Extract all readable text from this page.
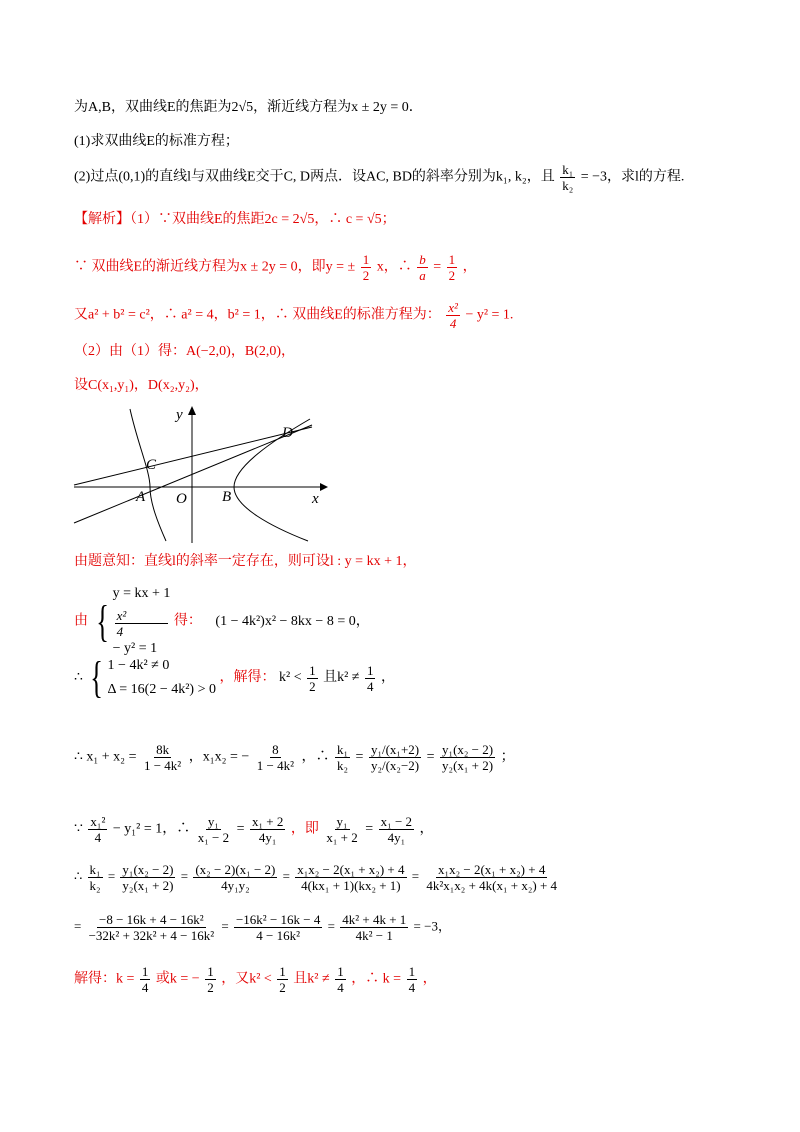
为A,B，双曲线E的焦距为2√5，渐近线方程为x ± 2y = 0．
(1)求双曲线E的标准方程；
(2)过点(0,1)的直线l与双曲线E交于C, D两点．设AC, BD的斜率分别为k₁, k₂，且 $\frac{\text{k₁}}{\text{k₂}} = -3$，求l的方程.
【解析】（1）∵双曲线E的焦距2c = 2√5，∴ c = √5；
∵ 双曲线E的渐近线方程为x ± 2y = 0，即y = ± $\frac{1}{2}$ x，∴ $\frac{b}{a} = \frac{1}{2}$ ，
又a² + b² = c²，∴ a² = 4，b² = 1，∴ 双曲线E的标准方程为： $\frac{\text{x²}}{4} - y^2 = 1$.
（2）由（1）得：A(−2,0)，B(2,0)，
设C(x₁,y₁)，D(x₂,y₂)，
y
x
O
A	B
C
D
由题意知：直线l的斜率一定存在，则可设l : y = kx + 1，
由 {
y = kx + 1
x²
4
− y² = 1
得： (1 − 4k²)x² − 8kx − 8 = 0，
∴ { 1 − 4k² ≠ 0
Δ = 16(2 − 4k²) > 0
，解得： $k^2 < \frac{1}{2}$ 且$k^2 \ne \frac{1}{4}$ ，
∴ $x_1 + x_2 = \frac{8k}{\text{1 − 4k²}}$ ，x₁x₂ = − $\frac{8}{\text{1 − 4k²}}$ ，∴ $\frac{\text{k₁}}{\text{k₂}} = \frac{\text{y₁/(x₁+2)}}{\text{y₂/(x₂−2)}} = \frac{\text{y₁(x₂ − 2)}}{\text{y₂(x₁ + 2)}}$ ；
∵ $\frac{\text{x₁²}}{4} - y_1^2 = 1$，∴ $\frac{\text{y₁}}{\text{x₁ − 2}} = \frac{\text{x₁ + 2}}{\text{4y₁}}$ ，即 $\frac{\text{y₁}}{\text{x₁ + 2}} = \frac{\text{x₁ − 2}}{\text{4y₁}}$ ，
∴ $\frac{\text{k₁}}{\text{k₂}} = \frac{\text{y₁(x₂ − 2)}}{\text{y₂(x₁ + 2)}} = \frac{\text{(x₂ − 2)(x₁ − 2)}}{\text{4y₁y₂}} = \frac{\text{x₁x₂ − 2(x₁ + x₂) + 4}}{\text{4(kx₁ + 1)(kx₂ + 1)}} = \frac{\text{x₁x₂ − 2(x₁ + x₂) + 4}}{\text{4k²x₁x₂ + 4k(x₁ + x₂) + 4}}$
= $\frac{\text{−8 − 16k + 4 − 16k²}}{\text{−32k² + 32k² + 4 − 16k²}} = \frac{\text{−16k² − 16k − 4}}{\text{4 − 16k²}} = \frac{\text{4k² + 4k + 1}}{\text{4k² − 1}} = -3$，
解得：$k = \frac{1}{4}$ 或k = − $\frac{1}{2}$ ，又$k^2 < \frac{1}{2}$ 且$k^2 \ne \frac{1}{4}$ ，∴ $k = \frac{1}{4}$ ，
